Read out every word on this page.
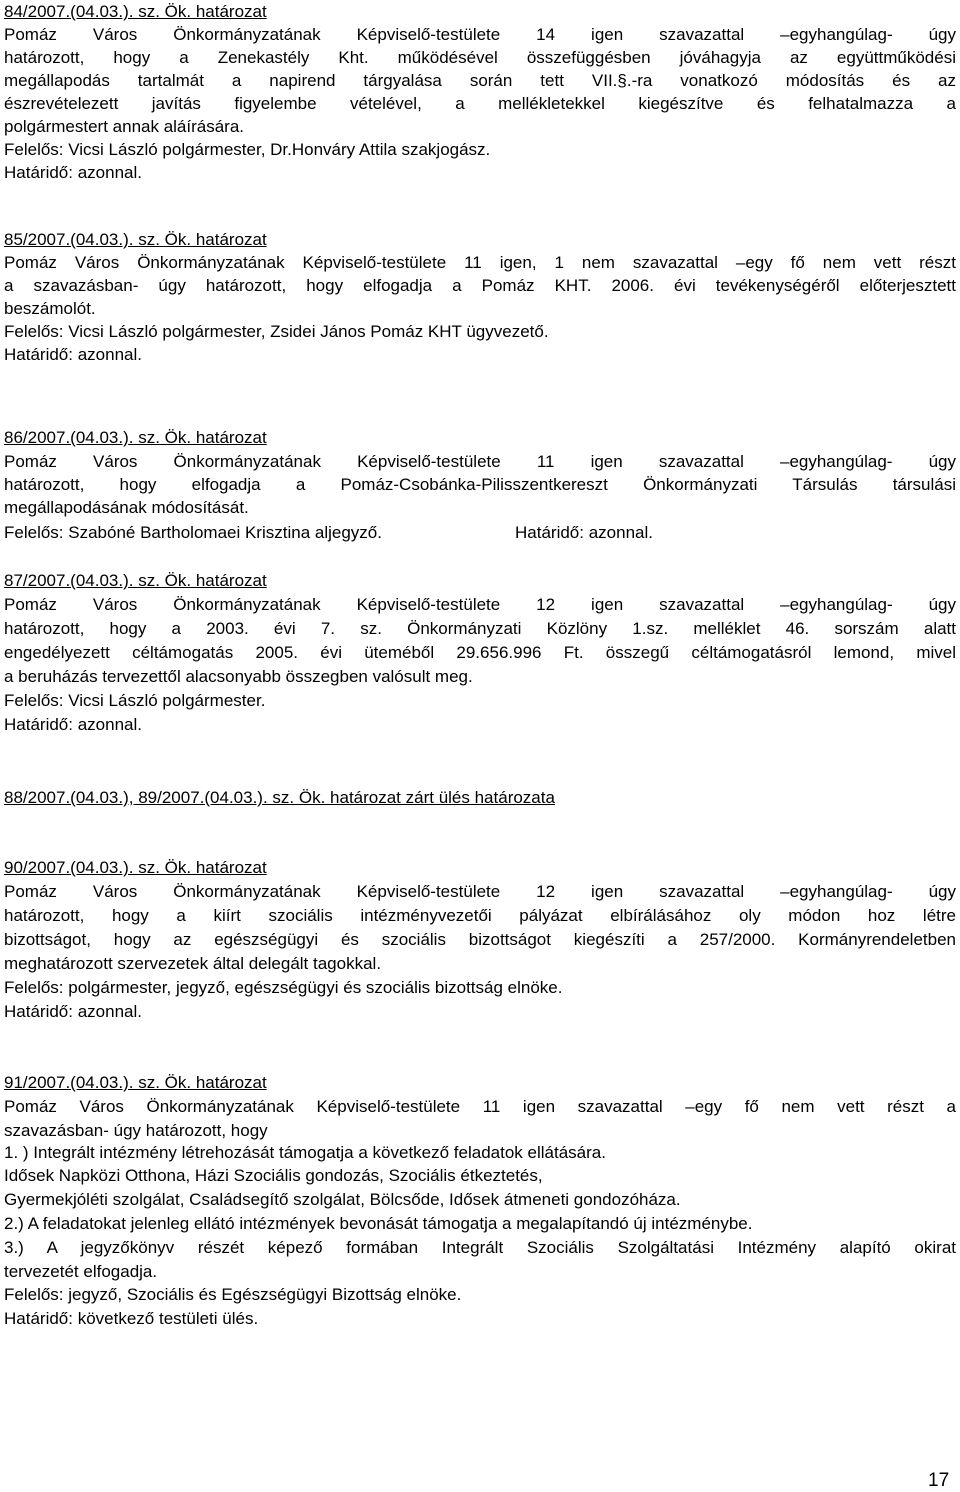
84/2007.(04.03.). sz. Ök. határozat

Pomáz Város Önkormányzatának Képviselő-testülete 14 igen szavazattal –egyhangúlag- úgy

határozott, hogy a Zenekastély Kht. működésével összefüggésben jóváhagyja az együttműködési

megállapodás tartalmát a napirend tárgyalása során tett VII.§.-ra vonatkozó módosítás és az

észrevételezett javítás figyelembe vételével, a mellékletekkel kiegészítve és felhatalmazza a

polgármestert annak aláírására.

Felelős: Vicsi László polgármester, Dr.Honváry Attila szakjogász.

Határidő: azonnal.

85/2007.(04.03.). sz. Ök. határozat

Pomáz Város Önkormányzatának Képviselő-testülete 11 igen, 1 nem szavazattal –egy fő nem vett részt

a szavazásban- úgy határozott, hogy elfogadja a Pomáz KHT. 2006. évi tevékenységéről előterjesztett

beszámolót.

Felelős: Vicsi László polgármester, Zsidei János Pomáz KHT ügyvezető.

Határidő: azonnal.

86/2007.(04.03.). sz. Ök. határozat

Pomáz Város Önkormányzatának Képviselő-testülete 11 igen szavazattal –egyhangúlag- úgy

határozott, hogy elfogadja a Pomáz-Csobánka-Pilisszentkereszt Önkormányzati Társulás társulási

megállapodásának módosítását.

Felelős: Szabóné Bartholomaei Krisztina aljegyző.	Határidő: azonnal.

87/2007.(04.03.). sz. Ök. határozat

Pomáz Város Önkormányzatának Képviselő-testülete 12 igen szavazattal –egyhangúlag- úgy

határozott, hogy a 2003. évi 7. sz. Önkormányzati Közlöny 1.sz. melléklet 46. sorszám alatt

engedélyezett céltámogatás 2005. évi üteméből 29.656.996 Ft. összegű céltámogatásról lemond, mivel

a beruházás tervezettől alacsonyabb összegben valósult meg.

Felelős: Vicsi László polgármester.

Határidő: azonnal.

88/2007.(04.03.), 89/2007.(04.03.). sz. Ök. határozat zárt ülés határozata

90/2007.(04.03.). sz. Ök. határozat

Pomáz Város Önkormányzatának Képviselő-testülete 12 igen szavazattal –egyhangúlag- úgy

határozott, hogy a kiírt szociális intézményvezetői pályázat elbírálásához oly módon hoz létre

bizottságot, hogy az egészségügyi és szociális bizottságot kiegészíti a 257/2000. Kormányrendeletben

meghatározott szervezetek által delegált tagokkal.

Felelős: polgármester, jegyző, egészségügyi és szociális bizottság elnöke.

Határidő: azonnal.

91/2007.(04.03.). sz. Ök. határozat

Pomáz Város Önkormányzatának Képviselő-testülete 11 igen szavazattal –egy fő nem vett részt a

szavazásban- úgy határozott, hogy

1. ) Integrált intézmény létrehozását támogatja a következő feladatok ellátására.

Idősek Napközi Otthona, Házi Szociális gondozás, Szociális étkeztetés,

Gyermekjóléti szolgálat, Családsegítő szolgálat, Bölcsőde, Idősek átmeneti gondozóháza.

2.) A feladatokat jelenleg ellátó intézmények bevonását támogatja a megalapítandó új intézménybe.

3.) A jegyzőkönyv részét képező formában Integrált Szociális Szolgáltatási Intézmény alapító okirat

tervezetét elfogadja.

Felelős: jegyző, Szociális és Egészségügyi Bizottság elnöke.

Határidő: következő testületi ülés.

17
